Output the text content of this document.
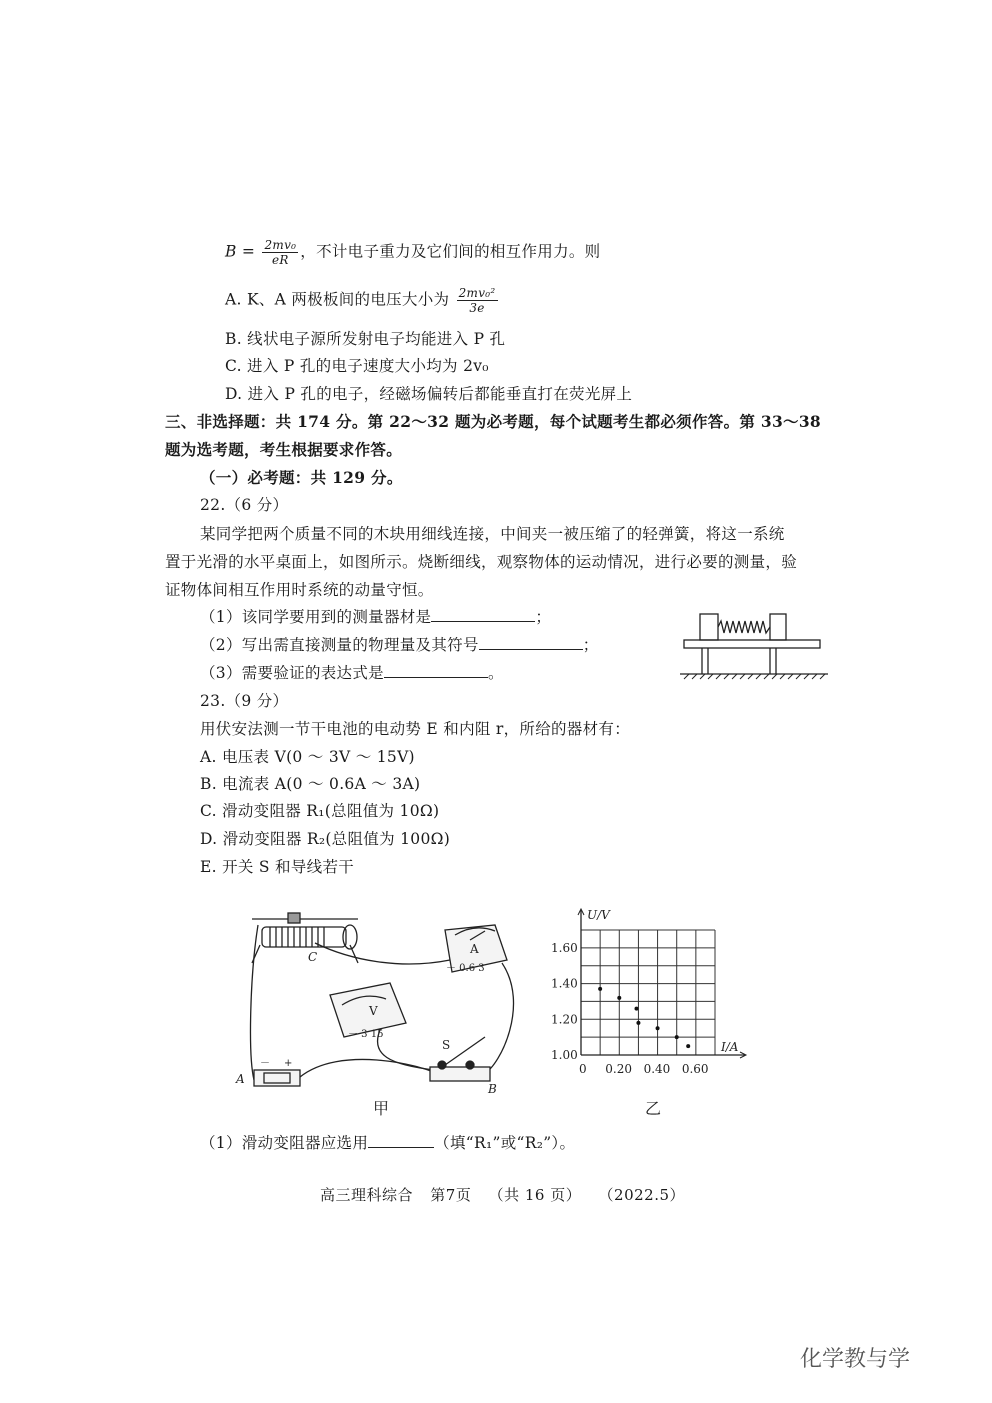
$B = \frac{\text{2mv₀}}{eR}$ ，不计电子重力及它们间的相互作用力。则
A. K、A 两极板间的电压大小为 $\frac{\text{2mv₀²}}{3e}$
B. 线状电子源所发射电子均能进入 P 孔
C. 进入 P 孔的电子速度大小均为 2v₀
D. 进入 P 孔的电子，经磁场偏转后都能垂直打在荧光屏上
三、非选择题：共 174 分。第 22～32 题为必考题，每个试题考生都必须作答。第 33～38
题为选考题，考生根据要求作答。
（一）必考题：共 129 分。
22.（6 分）
某同学把两个质量不同的木块用细线连接，中间夹一被压缩了的轻弹簧，将这一系统
置于光滑的水平桌面上，如图所示。烧断细线，观察物体的运动情况，进行必要的测量，验
证物体间相互作用时系统的动量守恒。
（1）该同学要用到的测量器材是	；
（2）写出需直接测量的物理量及其符号	；
（3）需要验证的表达式是	。
23.（9 分）
用伏安法测一节干电池的电动势 E 和内阻 r，所给的器材有：
A. 电压表 V(0 ～ 3V ～ 15V)
B. 电流表 A(0 ～ 0.6A ～ 3A)
C. 滑动变阻器 R₁(总阻值为 10Ω)
D. 滑动变阻器 R₂(总阻值为 100Ω)
E. 开关 S 和导线若干
C
A
B
S
A
－ 0.6 3
V
－ 3 15
－ +
甲
0.20 0.40 0.60
1.00
1.20
1.40
1.60
U/V
I/A
0
乙
（1）滑动变阻器应选用	（填“R₁”或“R₂”）。
高三理科综合 第7页 （共 16 页） （2022.5）
化学教与学
